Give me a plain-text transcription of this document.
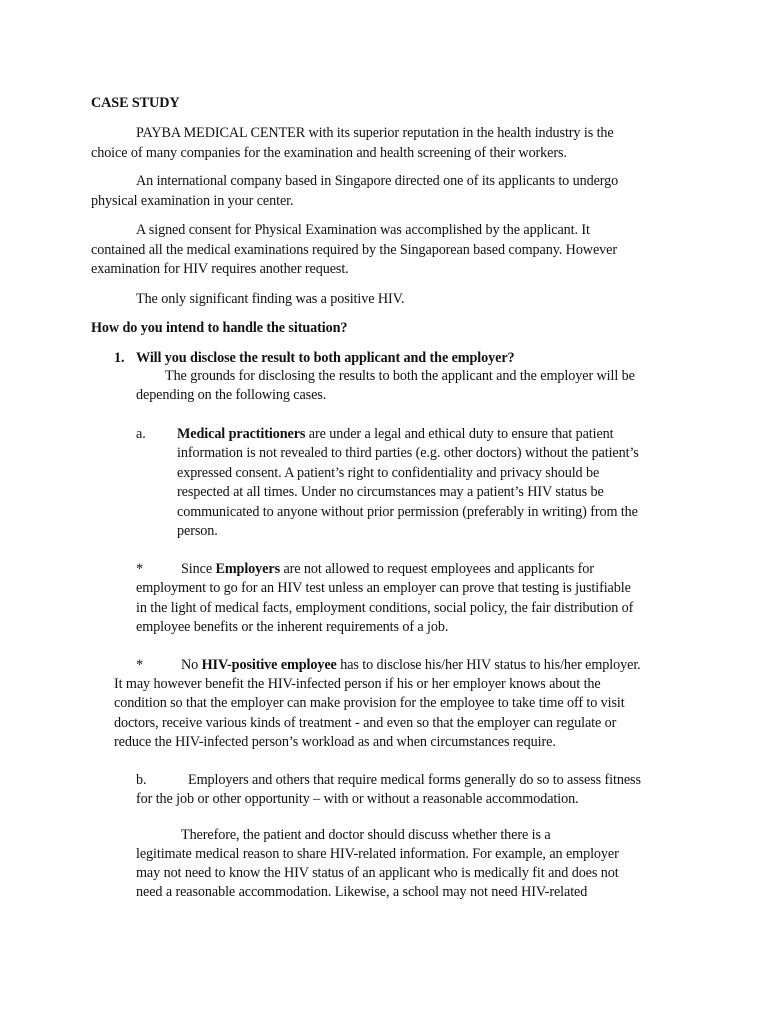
CASE STUDY
PAYBA MEDICAL CENTER with its superior reputation in the health industry is the
choice of many companies for the examination and health screening of their workers.
An international company based in Singapore directed one of its applicants to undergo
physical examination in your center.
A signed consent for Physical Examination was accomplished by the applicant. It
contained all the medical examinations required by the Singaporean based company. However
examination for HIV requires another request.
The only significant finding was a positive HIV.
How do you intend to handle the situation?
1. Will you disclose the result to both applicant and the employer?
The grounds for disclosing the results to both the applicant and the employer will be
depending on the following cases.
a. Medical practitioners are under a legal and ethical duty to ensure that patient
information is not revealed to third parties (e.g. other doctors) without the patient’s
expressed consent. A patient’s right to confidentiality and privacy should be
respected at all times. Under no circumstances may a patient’s HIV status be
communicated to anyone without prior permission (preferably in writing) from the
person.
*	Since Employers are not allowed to request employees and applicants for
employment to go for an HIV test unless an employer can prove that testing is justifiable
in the light of medical facts, employment conditions, social policy, the fair distribution of
employee benefits or the inherent requirements of a job.
*	No HIV-positive employee has to disclose his/her HIV status to his/her employer.
It may however benefit the HIV-infected person if his or her employer knows about the
condition so that the employer can make provision for the employee to take time off to visit
doctors, receive various kinds of treatment - and even so that the employer can regulate or
reduce the HIV-infected person’s workload as and when circumstances require.
b.	Employers and others that require medical forms generally do so to assess fitness
for the job or other opportunity – with or without a reasonable accommodation.
Therefore, the patient and doctor should discuss whether there is a
legitimate medical reason to share HIV-related information. For example, an employer
may not need to know the HIV status of an applicant who is medically fit and does not
need a reasonable accommodation. Likewise, a school may not need HIV-related
